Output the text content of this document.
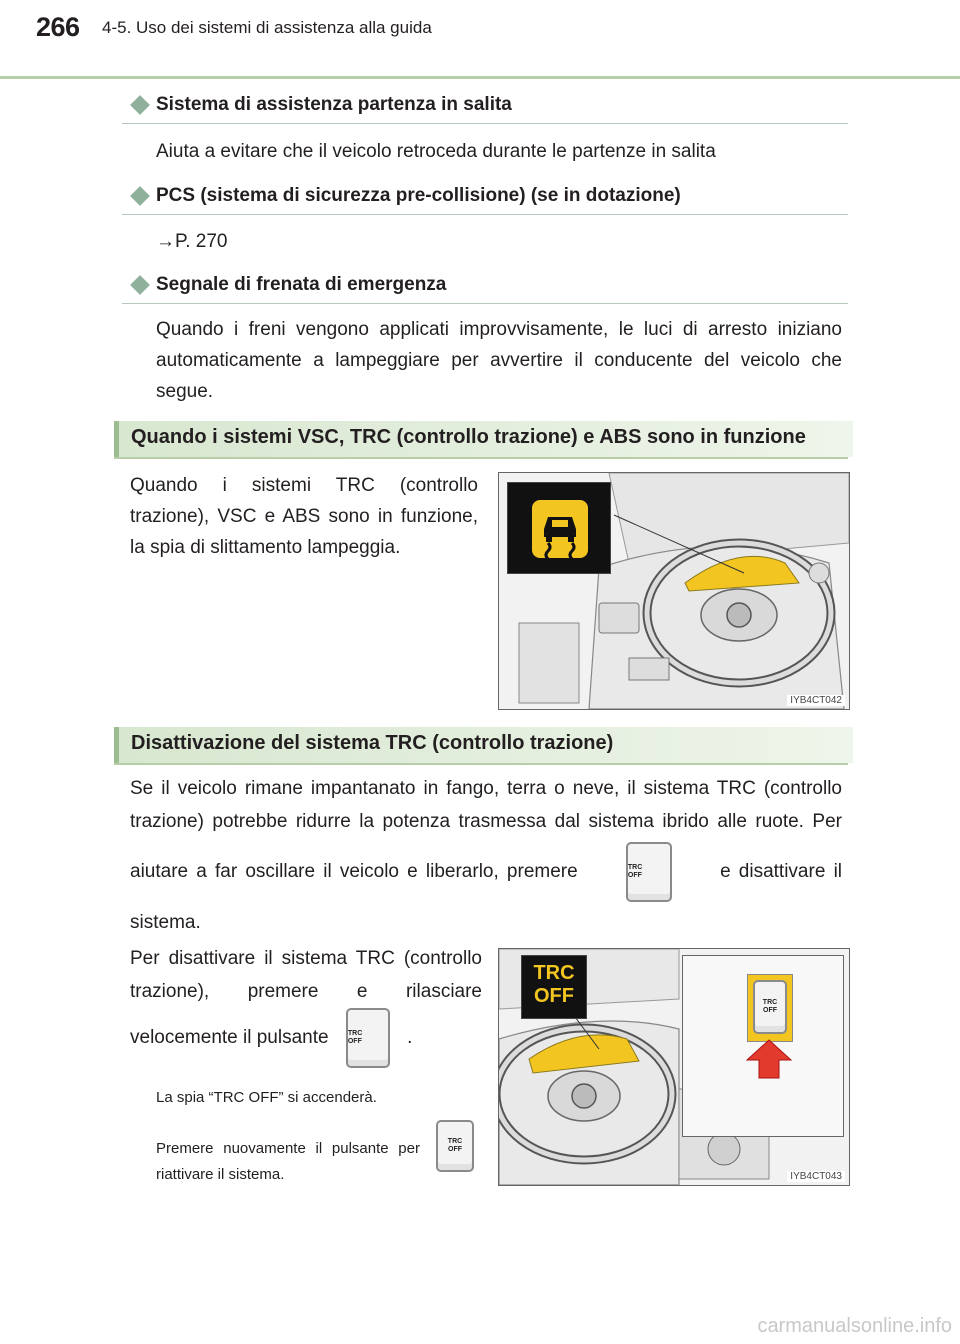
266 4-5. Uso dei sistemi di assistenza alla guida
Sistema di assistenza partenza in salita
Aiuta a evitare che il veicolo retroceda durante le partenze in salita
PCS (sistema di sicurezza pre-collisione) (se in dotazione)
→P. 270
Segnale di frenata di emergenza
Quando i freni vengono applicati improvvisamente, le luci di arresto iniziano automaticamente a lampeggiare per avvertire il conducente del veicolo che segue.
Quando i sistemi VSC, TRC (controllo trazione) e ABS sono in funzione
Quando i sistemi TRC (controllo trazione), VSC e ABS sono in funzione, la spia di slittamento lampeggia.
IYB4CT042
Disattivazione del sistema TRC (controllo trazione)
Se il veicolo rimane impantanato in fango, terra o neve, il sistema TRC (controllo trazione) potrebbe ridurre la potenza trasmessa dal sistema ibrido alle ruote. Per aiutare a far oscillare il veicolo e liberarlo, premere	TRC
OFF	e disattivare il sistema.
Per disattivare il sistema TRC (controllo trazione), premere e rilasciare velocemente il pulsante	TRC
OFF	.
La spia “TRC OFF” si accenderà.
Premere nuovamente il pulsante per riattivare il sistema.
TRC
OFF
TRC
OFF	TRC
OFF
IYB4CT043
carmanualsonline.info
